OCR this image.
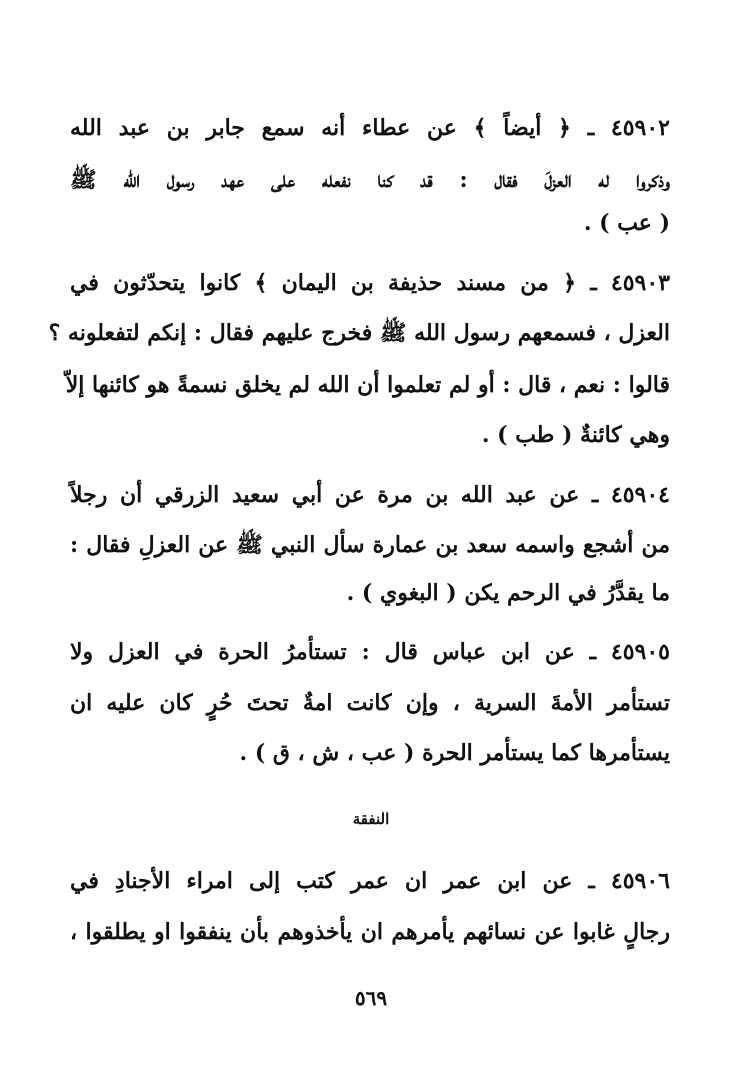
٤٥٩٠٢ ـ ﴿ أيضاً ﴾ عن عطاء أنه سمع جابر بن عبد الله
وذكروا له العزلَ فقال : قد كنا نفعله على عهد رسول الله ﷺ
( عب ) .
٤٥٩٠٣ ـ ﴿ من مسند حذيفة بن اليمان ﴾ كانوا يتحدّثون في
العزل ، فسمعهم رسول الله ﷺ فخرج عليهم فقال : إنكم لتفعلونه ؟
قالوا : نعم ، قال : أو لم تعلموا أن الله لم يخلق نسمةً هو كائنها إلاّ
وهي كائنةٌ ( طب ) .
٤٥٩٠٤ ـ عن عبد الله بن مرة عن أبي سعيد الزرقي أن رجلاً
من أشجع واسمه سعد بن عمارة سأل النبي ﷺ عن العزلِ فقال :
ما يقدَّرُ في الرحم يكن ( البغوي ) .
٤٥٩٠٥ ـ عن ابن عباس قال : تستأمرُ الحرة في العزل ولا
تستأمر الأمةَ السرية ، وإن كانت امةٌ تحتَ حُرٍ كان عليه ان
يستأمرها كما يستأمر الحرة ( عب ، ش ، ق ) .
النفقة
٤٥٩٠٦ ـ عن ابن عمر ان عمر كتب إلى امراء الأجنادِ في
رجالٍ غابوا عن نسائهم يأمرهم ان يأخذوهم بأن ينفقوا او يطلقوا ،
٥٦٩
